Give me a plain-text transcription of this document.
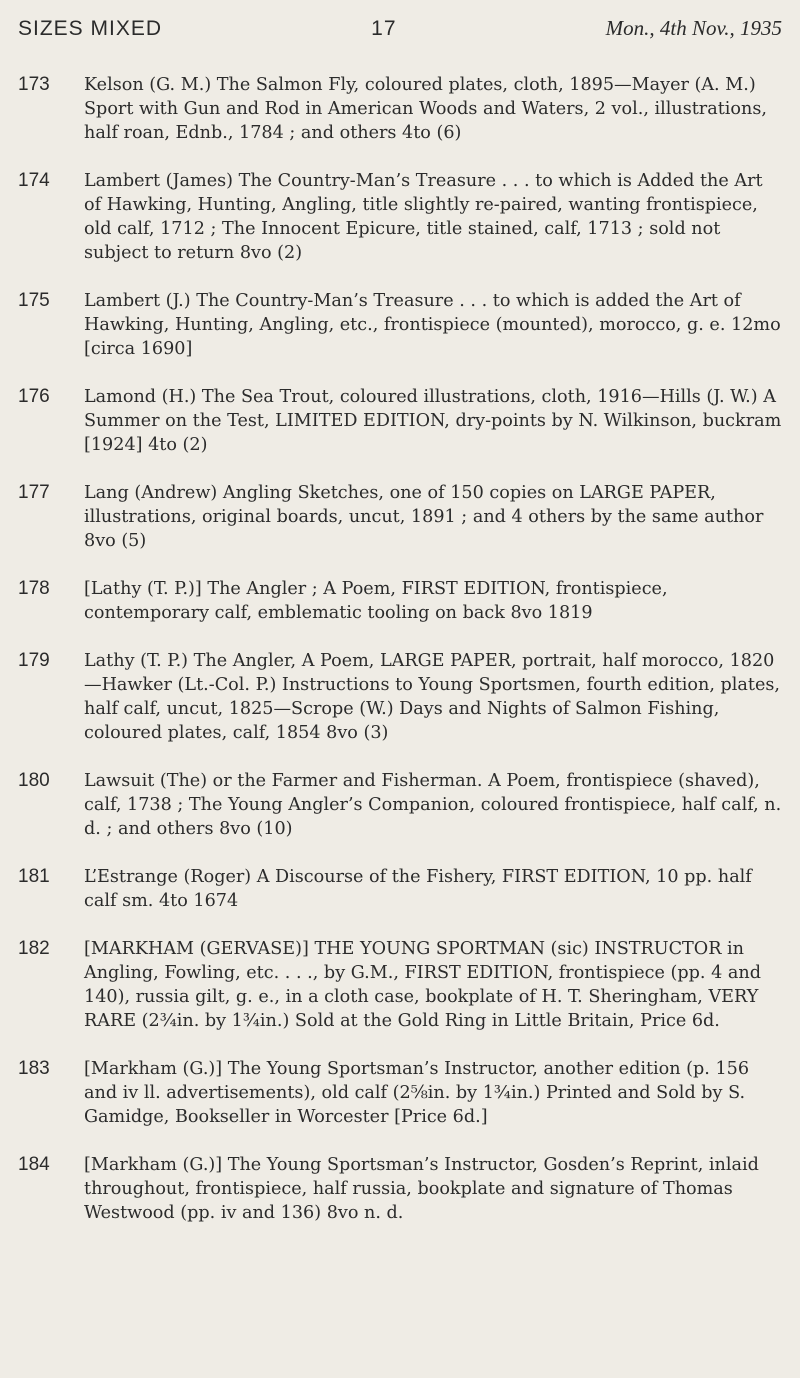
SIZES MIXED	17	Mon., 4th Nov., 1935
173	Kelson (G. M.) The Salmon Fly, coloured plates, cloth, 1895—Mayer (A. M.) Sport with Gun and Rod in American Woods and Waters, 2 vol., illustrations, half roan, Ednb., 1784 ; and others 4to (6)
174	Lambert (James) The Country-Man’s Treasure . . . to which is Added the Art of Hawking, Hunting, Angling, title slightly re-paired, wanting frontispiece, old calf, 1712 ; The Innocent Epicure, title stained, calf, 1713 ; sold not subject to return 8vo (2)
175	Lambert (J.) The Country-Man’s Treasure . . . to which is added the Art of Hawking, Hunting, Angling, etc., frontispiece (mounted), morocco, g. e. 12mo [circa 1690]
176	Lamond (H.) The Sea Trout, coloured illustrations, cloth, 1916—Hills (J. W.) A Summer on the Test, LIMITED EDITION, dry-points by N. Wilkinson, buckram [1924] 4to (2)
177	Lang (Andrew) Angling Sketches, one of 150 copies on LARGE PAPER, illustrations, original boards, uncut, 1891 ; and 4 others by the same author 8vo (5)
178	[Lathy (T. P.)] The Angler ; A Poem, FIRST EDITION, frontispiece, contemporary calf, emblematic tooling on back 8vo 1819
179	Lathy (T. P.) The Angler, A Poem, LARGE PAPER, portrait, half morocco, 1820—Hawker (Lt.-Col. P.) Instructions to Young Sportsmen, fourth edition, plates, half calf, uncut, 1825—Scrope (W.) Days and Nights of Salmon Fishing, coloured plates, calf, 1854 8vo (3)
180	Lawsuit (The) or the Farmer and Fisherman. A Poem, frontispiece (shaved), calf, 1738 ; The Young Angler’s Companion, coloured frontispiece, half calf, n. d. ; and others 8vo (10)
181	L’Estrange (Roger) A Discourse of the Fishery, FIRST EDITION, 10 pp. half calf sm. 4to 1674
182	[MARKHAM (GERVASE)] THE YOUNG SPORTMAN (sic) INSTRUCTOR in Angling, Fowling, etc. . . ., by G.M., FIRST EDITION, frontispiece (pp. 4 and 140), russia gilt, g. e., in a cloth case, bookplate of H. T. Sheringham, VERY RARE (2¾in. by 1¾in.) Sold at the Gold Ring in Little Britain, Price 6d.
183	[Markham (G.)] The Young Sportsman’s Instructor, another edition (p. 156 and iv ll. advertisements), old calf (2⅝in. by 1¾in.) Printed and Sold by S. Gamidge, Bookseller in Worcester [Price 6d.]
184	[Markham (G.)] The Young Sportsman’s Instructor, Gosden’s Reprint, inlaid throughout, frontispiece, half russia, bookplate and signature of Thomas Westwood (pp. iv and 136) 8vo n. d.
